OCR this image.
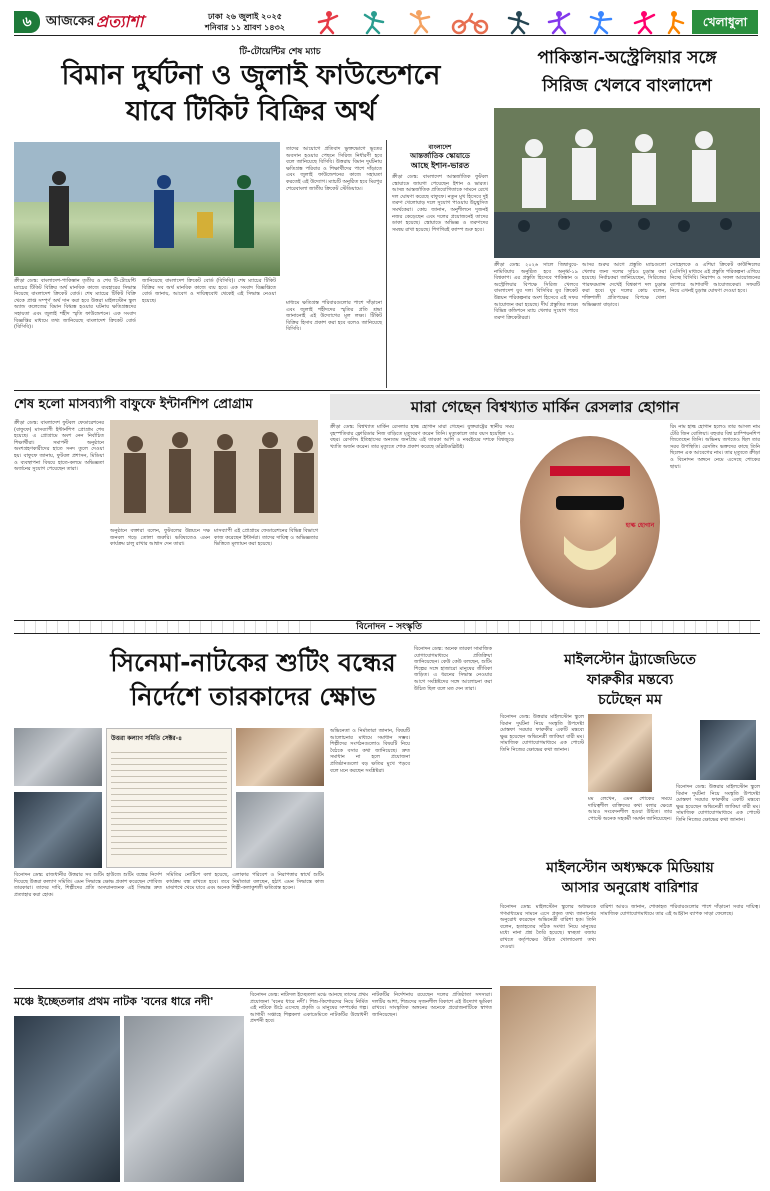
৬	আজকের প্রত্যাশা	ঢাকা ২৬ জুলাই ২০২৫
শনিবার ১১ শ্রাবণ ১৪৩২	খেলাধুলা
টি-টোয়েন্টির শেষ ম্যাচ
বিমান দুর্ঘটনা ও জুলাই ফাউন্ডেশনে
যাবে টিকিট বিক্রির অর্থ
ক্রীড়া ডেস্ক: বাংলাদেশ-পাকিস্তান তৃতীয় ও শেষ টি-টোয়েন্টি ম্যাচের টিকিট বিক্রির অর্থ মানবিক কাজে ব্যবহারের সিদ্ধান্ত নিয়েছে বাংলাদেশ ক্রিকেট বোর্ড। শেষ ম্যাচের টিকিট বিক্রি থেকে প্রাপ্ত সম্পূর্ণ অর্থ দান করা হবে উত্তরা মাইলস্টোন স্কুল অ্যান্ড কলেজের বিমান বিধ্বস্ত হওয়ার ঘটনায় ক্ষতিগ্রস্তদের সহায়তা এবং জুলাই শহীদ স্মৃতি ফাউন্ডেশনে। এক সংবাদ বিজ্ঞপ্তির মাধ্যমে তথ্য জানিয়েছে বাংলাদেশ ক্রিকেট বোর্ড (বিসিবি)।
জানিয়েছে বাংলাদেশ ক্রিকেট বোর্ড (বিসিবি)। শেষ ম্যাচের টিকিট বিক্রির সব অর্থ মানবিক কাজে ব্যয় হবে। এক সংবাদ বিজ্ঞপ্তিতে বোর্ড জানায়, আবেগ ও দায়িত্ববোধ থেকেই এই সিদ্ধান্ত নেওয়া হয়েছে।
তাদের আয়োগে প্রতিবাদ ভুক্তভোগে ভূতের অবসান হওয়ার পেছনে সিরিজ নির্ধারণী হবে বলে জানিয়েছে বিসিবি। উত্তরায় বিমান দুর্ঘটনায় ক্ষতিগ্রস্ত পরিবার ও শিক্ষার্থীদের পাশে দাঁড়াতে এবং জুলাই ফাউন্ডেশনের কাজে সহায়তা করতেই এই উদ্যোগ। ম্যাচটি অনুষ্ঠিত হবে মিরপুর শেরেবাংলা জাতীয় ক্রিকেট স্টেডিয়ামে।
মাধ্যমে ক্ষতিগ্রস্ত পরিবারগুলোর পাশে দাঁড়ানো এবং জুলাই শহীদদের স্মৃতির প্রতি শ্রদ্ধা জানানোই এই উদ্যোগের মূল লক্ষ্য। টিকিট বিক্রির হিসাব প্রকাশ করা হবে বলেও জানিয়েছে বিসিবি।
বাংলাদেশ
আন্তর্জাতিক স্কোয়াডে
আছে ইশান-ভারত
ক্রীড়া ডেস্ক: বাংলাদেশ আন্তর্জাতিক ফুটবল স্কোয়াডে জায়গা পেয়েছেন ইশান ও ভারত। আসন্ন আন্তর্জাতিক প্রতিযোগিতাকে সামনে রেখে দল ঘোষণা করেছে বাফুফে। নতুন মুখ হিসেবে দুই তরুণ খেলোয়াড় দলে সুযোগ পাওয়ায় উচ্ছ্বসিত সমর্থকেরা। কোচ জানান, অনুশীলনে দুজনই নজর কেড়েছেন এবং দলের প্রয়োজনেই তাদের ডাকা হয়েছে। স্কোয়াডে অভিজ্ঞ ও তরুণদের সমন্বয় রাখা হয়েছে। শিগগিরই ক্যাম্প শুরু হবে।
পাকিস্তান-অস্ট্রেলিয়ার সঙ্গে
সিরিজ খেলবে বাংলাদেশ
ক্রীড়া ডেস্ক: ২০২৬ সালে জিম্বাবুয়ে-নামিবিয়ায় অনুষ্ঠিত হবে অনূর্ধ্ব-১৯ বিশ্বকাপ। এর প্রস্তুতি হিসেবে পাকিস্তান ও অস্ট্রেলিয়ার বিপক্ষে সিরিজ খেলবে বাংলাদেশ যুব দল। বিসিবির যুব ক্রিকেট উন্নয়ন পরিকল্পনার অংশ হিসেবে এই সফর আয়োজন করা হয়েছে। দীর্ঘ প্রস্তুতির লক্ষ্যে বিভিন্ন কন্ডিশনে ম্যাচ খেলার সুযোগ পাবে তরুণ ক্রিকেটাররা।
আসর শুরুর আগে প্রস্তুতি ম্যাচগুলো খেলার জন্য দলের সূচিও চূড়ান্ত করা হয়েছে। নির্বাচকরা জানিয়েছেন, সিরিজের পারফরম্যান্স দেখেই বিশ্বকাপ দল চূড়ান্ত করা হবে। যুব দলের কোচ বলেন, শক্তিশালী প্রতিপক্ষের বিপক্ষে খেলা অভিজ্ঞতা বাড়াবে।
সোহেলকে ও এশিয়া ক্রিকেট কাউন্সিলের (এসিসি) মাধ্যমে এই প্রস্তুতি পরিকল্পনা এগিয়ে নিচ্ছে বিসিবি। নিরাপদ ও সফল আয়োজনের ব্যাপারে আশাবাদী আয়োজকেরা। সফরটি নিয়ে এখনই চূড়ান্ত ঘোষণা দেওয়া হবে।
শেষ হলো মাসব্যাপী বাফুফে ইন্টার্নশিপ প্রোগ্রাম
ক্রীড়া ডেস্ক: বাংলাদেশ ফুটবল ফেডারেশনের (বাফুফে) মাসব্যাপী ইন্টার্নশিপ প্রোগ্রাম শেষ হয়েছে। এ প্রোগ্রামে অংশ নেন নির্বাচিত শিক্ষার্থীরা। সমাপনী অনুষ্ঠানে অংশগ্রহণকারীদের হাতে সনদ তুলে দেওয়া হয়। বাফুফে জানায়, ফুটবল প্রশাসন, মিডিয়া ও ব্যবস্থাপনা বিষয়ে হাতে-কলমে অভিজ্ঞতা অর্জনের সুযোগ পেয়েছেন তারা।
অনুষ্ঠানে বক্তারা বলেন, ফুটবলের উন্নয়নে দক্ষ জনবল গড়ে তোলা জরুরি। ভবিষ্যতেও এমন কার্যক্রম চালু রাখার আশ্বাস দেন তারা।
মাসব্যাপী এই প্রোগ্রামে ফেডারেশনের বিভিন্ন বিভাগে কাজ করেছেন ইন্টার্নরা। তাদের দায়িত্ব ও অভিজ্ঞতার ভিত্তিতে মূল্যায়ন করা হয়েছে।
মারা গেছেন বিশ্বখ্যাত মার্কিন রেসলার হোগান
ক্রীড়া ডেস্ক: বিশ্বখ্যাত মার্কিন রেসলার হাল্ক হোগান মারা গেছেন। যুক্তরাষ্ট্রের স্থানীয় সময় বৃহস্পতিবার ফ্লোরিডার নিজ বাড়িতে মৃত্যুবরণ করেন তিনি। মৃত্যুকালে তার বয়স হয়েছিল ৭১ বছর। রেসলিং ইতিহাসের অন্যতম জনপ্রিয় এই তারকা আশি ও নব্বইয়ের দশকে বিশ্বজুড়ে খ্যাতি অর্জন করেন। তার মৃত্যুতে শোক প্রকাশ করেছে ডব্লিউডব্লিউই।
হাল্ক হোগান
রিং নাম হাল্ক হোগান হলেও তার আসল নাম টেরি জিন বোলিয়া। বহুবার বিশ্ব চ্যাম্পিয়নশিপ জিতেছেন তিনি। অভিনয় জগতেও ছিল তার সরব উপস্থিতি। রেসলিং ভক্তদের কাছে তিনি ছিলেন এক আবেগের নাম। তার মৃত্যুতে ক্রীড়া ও বিনোদন অঙ্গনে নেমে এসেছে শোকের ছায়া।
বিনোদন – সংস্কৃতি
সিনেমা-নাটকের শুটিং বন্ধের
নির্দেশে তারকাদের ক্ষোভ
উত্তরা কল্যাণ সমিতি সেক্টর-৪
বিনোদন ডেস্ক: রাজধানীর উত্তরার সব শুটিং হাউজে শুটিং বন্ধের নির্দেশ দিয়েছে উত্তরা কল্যাণ সমিতি। এমন সিদ্ধান্তে ক্ষোভ প্রকাশ করেছেন শোবিজ তারকারা। তাদের দাবি, শিল্পীদের প্রতি অসম্মানজনক এই সিদ্ধান্ত দ্রুত প্রত্যাহার করা হোক।
সমিতির নোটিশে বলা হয়েছে, এলাকার পরিবেশ ও নিরাপত্তার স্বার্থে শুটিং কার্যক্রম বন্ধ রাখতে হবে। তবে নির্মাতারা বলছেন, হঠাৎ এমন সিদ্ধান্তে কাজ মাঝপথে থেমে যাবে এবং অনেক শিল্পী-কলাকুশলী ক্ষতিগ্রস্ত হবেন।
অভিনেতা ও নির্মাতারা জানান, বিষয়টি আলোচনার মাধ্যমে সমাধান সম্ভব। শিল্পীদের সংগঠনগুলোও বিষয়টি নিয়ে বৈঠকে বসার কথা জানিয়েছে। দ্রুত সমাধান না হলে প্রযোজনা প্রতিষ্ঠানগুলো বড় ক্ষতির মুখে পড়বে বলে মনে করছেন সংশ্লিষ্টরা।
বিনোদন ডেস্ক: অনেক তারকা সামাজিক যোগাযোগমাধ্যমে প্রতিক্রিয়া জানিয়েছেন। কেউ কেউ বলছেন, শুটিং শিল্পের সঙ্গে হাজারো মানুষের জীবিকা জড়িত। এ ধরনের সিদ্ধান্ত নেওয়ার আগে সংশ্লিষ্টদের সঙ্গে আলোচনা করা উচিত ছিল বলে মত দেন তারা।
মাইলস্টোন ট্র্যাজেডিতে
ফারুকীর মন্তব্যে
চটেছেন মম
বিনোদন ডেস্ক: উত্তরার মাইলস্টোন স্কুলে বিমান দুর্ঘটনা নিয়ে সংস্কৃতি উপদেষ্টা মোস্তফা সরয়ার ফারুকীর একটি মন্তব্যে ক্ষুব্ধ হয়েছেন অভিনেত্রী জাকিয়া বারী মম। সামাজিক যোগাযোগমাধ্যমে এক পোস্টে তিনি নিজের ক্ষোভের কথা জানান।
মম লেখেন, এমন শোকের সময়ে দায়িত্বশীল ব্যক্তিদের কথা বলার ক্ষেত্রে আরও সংবেদনশীল হওয়া উচিত। তার পোস্টে অনেক সহকর্মী সমর্থন জানিয়েছেন।
বিনোদন ডেস্ক: উত্তরার মাইলস্টোন স্কুলে বিমান দুর্ঘটনা নিয়ে সংস্কৃতি উপদেষ্টা মোস্তফা সরয়ার ফারুকীর একটি মন্তব্যে ক্ষুব্ধ হয়েছেন অভিনেত্রী জাকিয়া বারী মম। সামাজিক যোগাযোগমাধ্যমে এক পোস্টে তিনি নিজের ক্ষোভের কথা জানান।
মাইলস্টোন অধ্যক্ষকে মিডিয়ায়
আসার অনুরোধ বারিশার
বিনোদন ডেস্ক: মাইলস্টোন স্কুলের অধ্যক্ষকে গণমাধ্যমের সামনে এসে প্রকৃত তথ্য জানানোর অনুরোধ করেছেন অভিনেত্রী বারিশা হক। তিনি বলেন, হতাহতের সঠিক সংখ্যা নিয়ে মানুষের মধ্যে নানা প্রশ্ন তৈরি হয়েছে। স্বচ্ছতা বজায় রাখতে কর্তৃপক্ষের উচিত খোলামেলা তথ্য দেওয়া।
বারিশা আরও জানান, শোকাহত পরিবারগুলোর পাশে দাঁড়ানো সবার দায়িত্ব। সামাজিক যোগাযোগমাধ্যমে তার এই আহ্বান ব্যাপক সাড়া ফেলেছে।
মঞ্চে ইচ্ছেতলার প্রথম নাটক 'বনের ধারে নদী'	বিনোদন ডেস্ক: নাট্যদল ইচ্ছেতলা মঞ্চে আনছে তাদের প্রথম প্রযোজনা 'বনের ধারে নদী'। শিশু-কিশোরদের নিয়ে নির্মিত এই নাটকে উঠে এসেছে প্রকৃতি ও মানুষের সম্পর্কের গল্প। আগামী সপ্তাহে শিল্পকলা একাডেমিতে নাটকটির উদ্বোধনী প্রদর্শনী হবে।
নাটকটির নির্দেশনায় রয়েছেন দলের প্রতিষ্ঠাতা সদস্যরা। দলটির আশা, শিশুদের সৃজনশীল বিকাশে এই উদ্যোগ ভূমিকা রাখবে। সাংস্কৃতিক অঙ্গনের অনেকে প্রযোজনাটিকে স্বাগত জানিয়েছেন।
